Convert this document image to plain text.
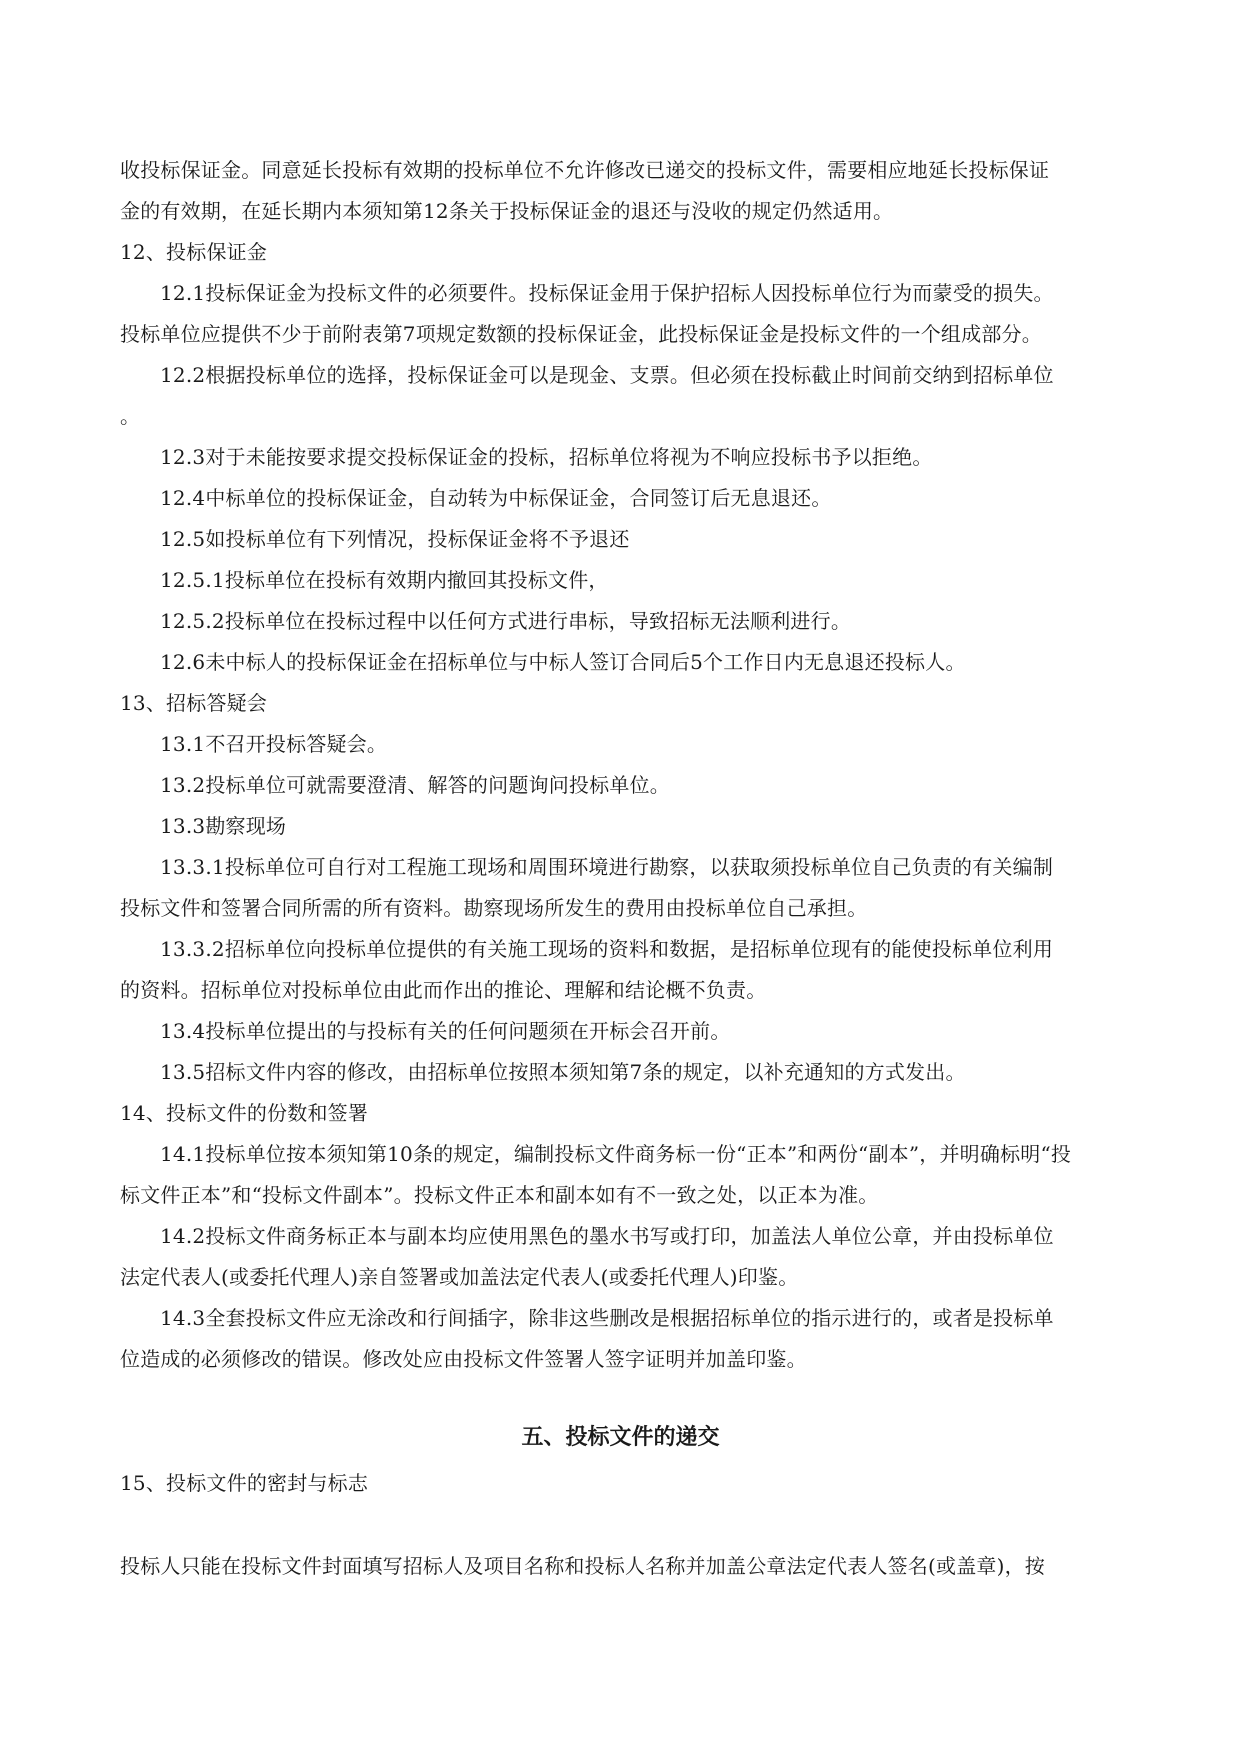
收投标保证金。同意延长投标有效期的投标单位不允许修改已递交的投标文件，需要相应地延长投标保证
金的有效期，在延长期内本须知第12条关于投标保证金的退还与没收的规定仍然适用。
12、投标保证金
12.1投标保证金为投标文件的必须要件。投标保证金用于保护招标人因投标单位行为而蒙受的损失。
投标单位应提供不少于前附表第7项规定数额的投标保证金，此投标保证金是投标文件的一个组成部分。
12.2根据投标单位的选择，投标保证金可以是现金、支票。但必须在投标截止时间前交纳到招标单位
。
12.3对于未能按要求提交投标保证金的投标，招标单位将视为不响应投标书予以拒绝。
12.4中标单位的投标保证金，自动转为中标保证金，合同签订后无息退还。
12.5如投标单位有下列情况，投标保证金将不予退还
12.5.1投标单位在投标有效期内撤回其投标文件，
12.5.2投标单位在投标过程中以任何方式进行串标，导致招标无法顺利进行。
12.6未中标人的投标保证金在招标单位与中标人签订合同后5个工作日内无息退还投标人。
13、招标答疑会
13.1不召开投标答疑会。
13.2投标单位可就需要澄清、解答的问题询问投标单位。
13.3勘察现场
13.3.1投标单位可自行对工程施工现场和周围环境进行勘察，以获取须投标单位自己负责的有关编制
投标文件和签署合同所需的所有资料。勘察现场所发生的费用由投标单位自己承担。
13.3.2招标单位向投标单位提供的有关施工现场的资料和数据，是招标单位现有的能使投标单位利用
的资料。招标单位对投标单位由此而作出的推论、理解和结论概不负责。
13.4投标单位提出的与投标有关的任何问题须在开标会召开前。
13.5招标文件内容的修改，由招标单位按照本须知第7条的规定，以补充通知的方式发出。
14、投标文件的份数和签署
14.1投标单位按本须知第10条的规定，编制投标文件商务标一份“正本”和两份“副本”，并明确标明“投
标文件正本”和“投标文件副本”。投标文件正本和副本如有不一致之处，以正本为准。
14.2投标文件商务标正本与副本均应使用黑色的墨水书写或打印，加盖法人单位公章，并由投标单位
法定代表人(或委托代理人)亲自签署或加盖法定代表人(或委托代理人)印鉴。
14.3全套投标文件应无涂改和行间插字，除非这些删改是根据招标单位的指示进行的，或者是投标单
位造成的必须修改的错误。修改处应由投标文件签署人签字证明并加盖印鉴。
五、投标文件的递交
15、投标文件的密封与标志
投标人只能在投标文件封面填写招标人及项目名称和投标人名称并加盖公章法定代表人签名(或盖章)，按
